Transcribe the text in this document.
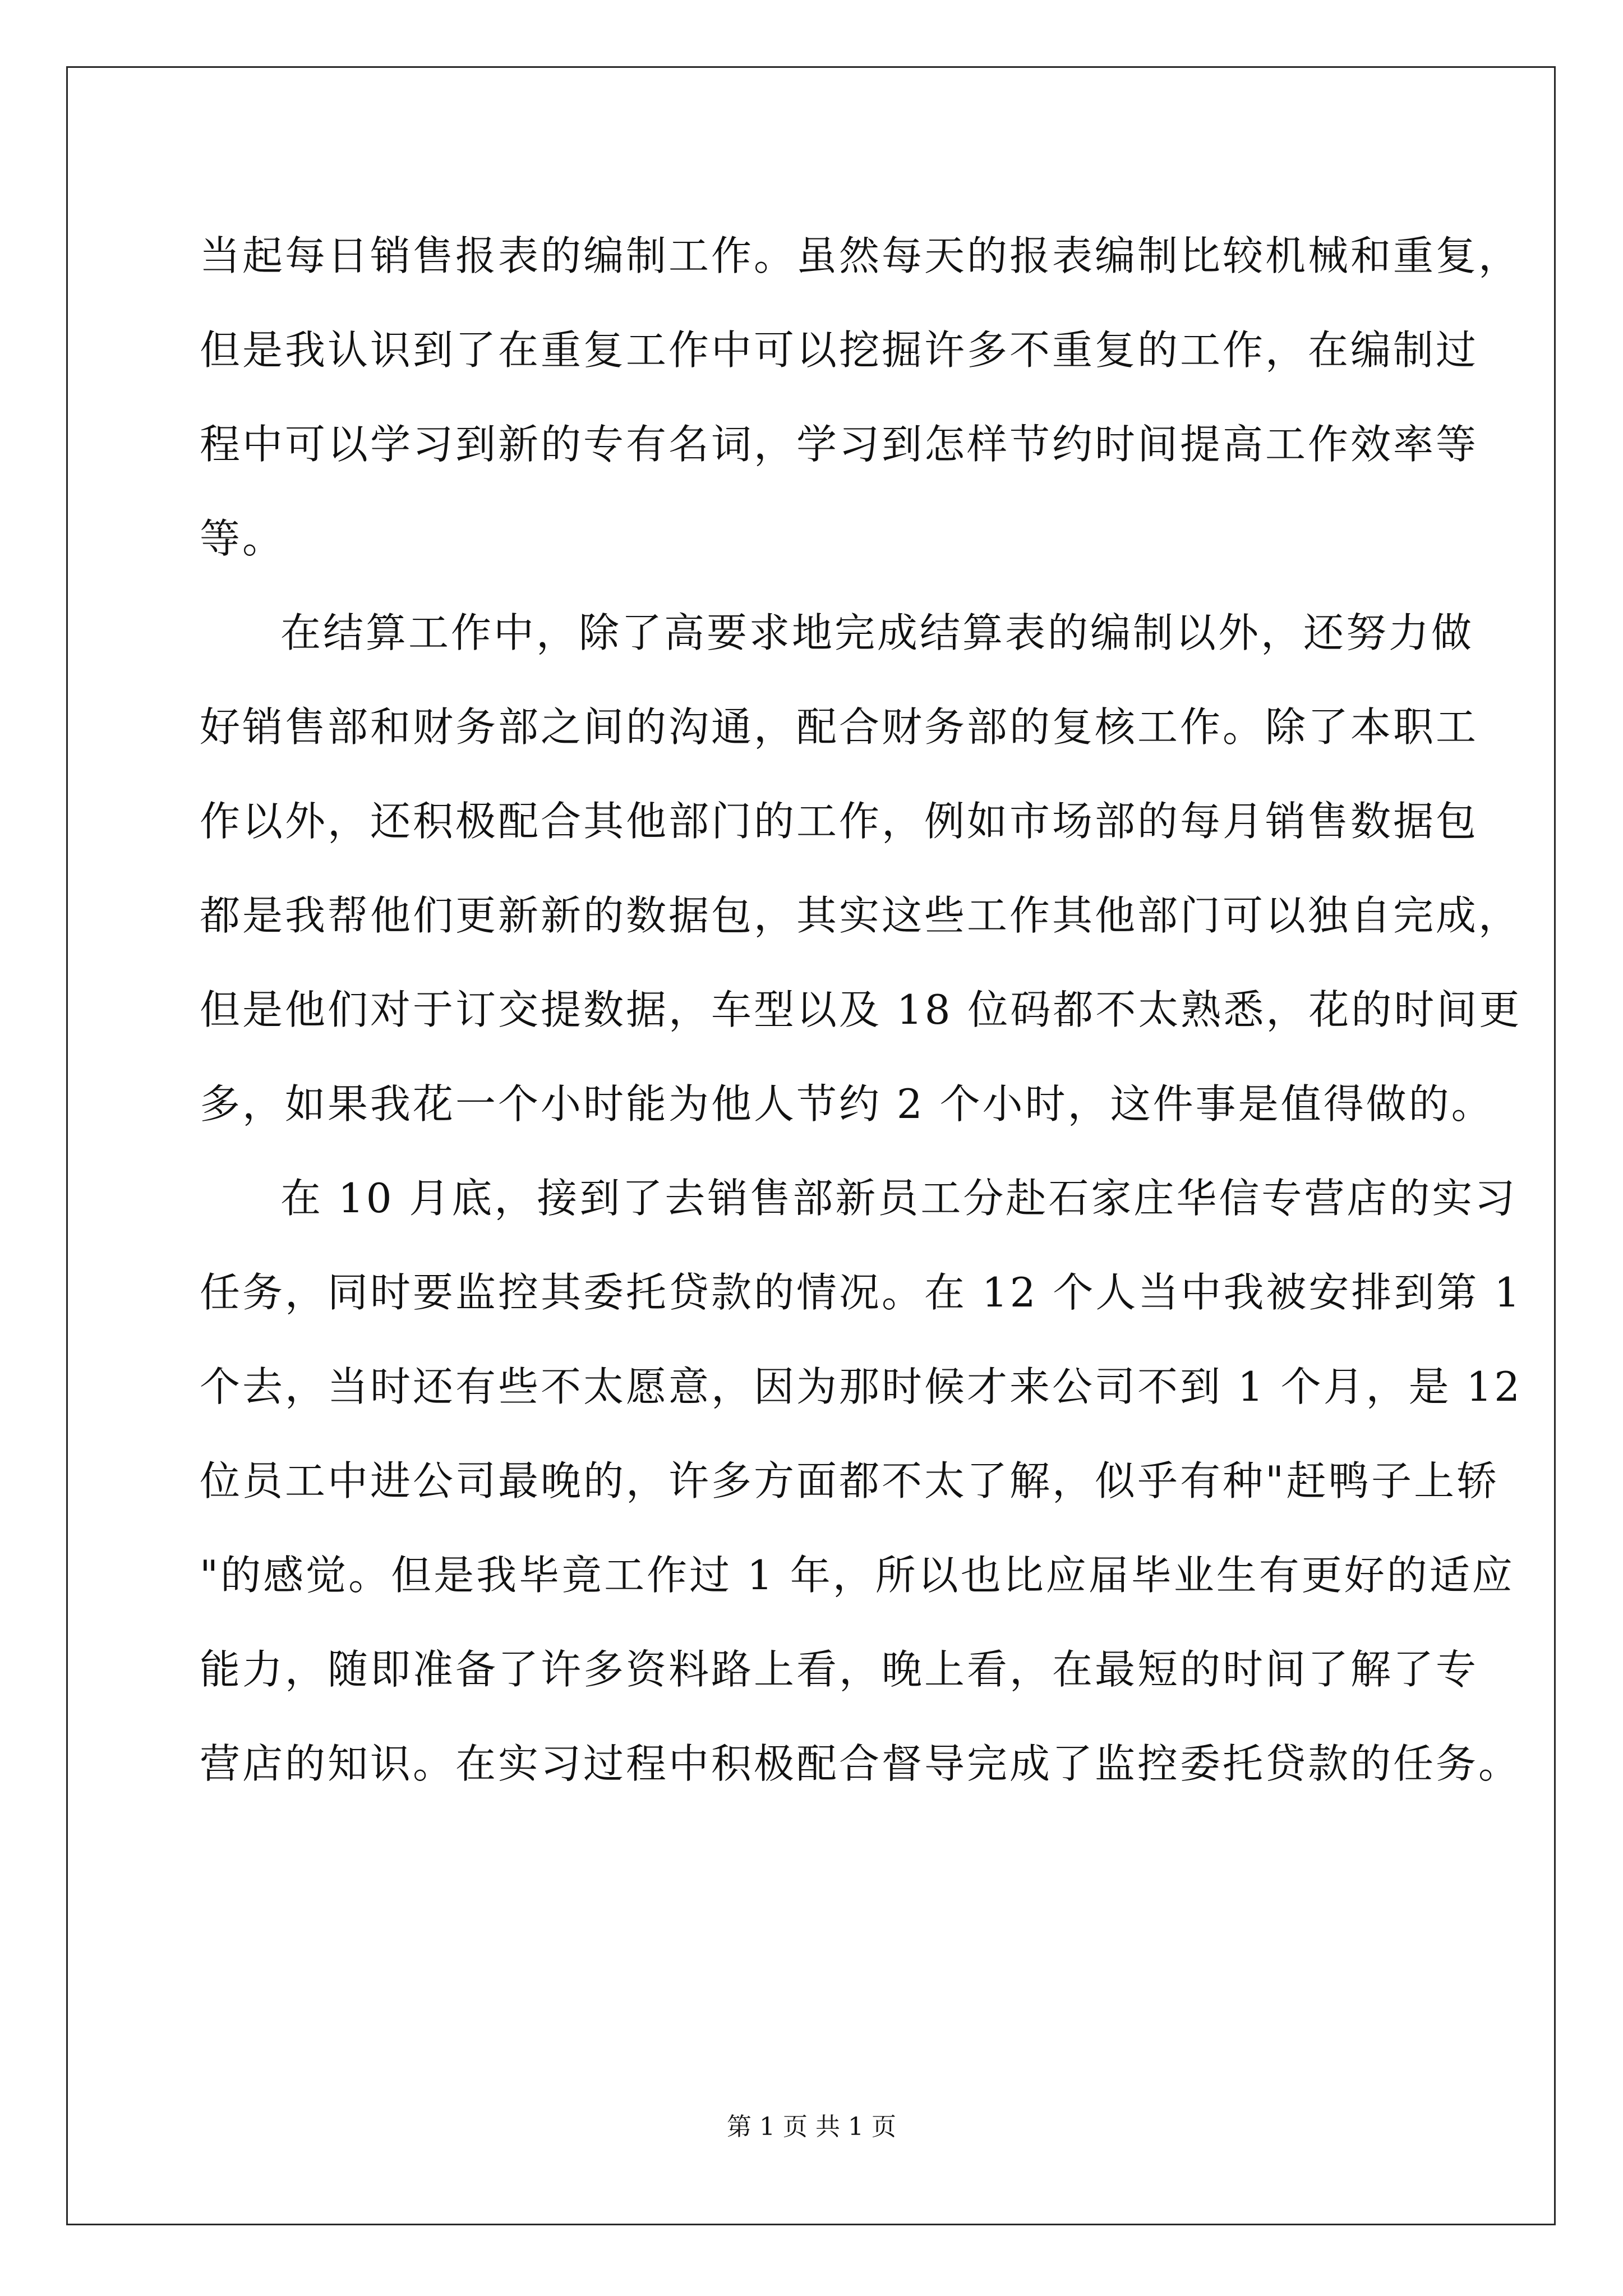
当起每日销售报表的编制工作。虽然每天的报表编制比较机械和重复，
但是我认识到了在重复工作中可以挖掘许多不重复的工作，在编制过
程中可以学习到新的专有名词，学习到怎样节约时间提高工作效率等
等。
在结算工作中，除了高要求地完成结算表的编制以外，还努力做
好销售部和财务部之间的沟通，配合财务部的复核工作。除了本职工
作以外，还积极配合其他部门的工作，例如市场部的每月销售数据包
都是我帮他们更新新的数据包，其实这些工作其他部门可以独自完成，
但是他们对于订交提数据，车型以及 18 位码都不太熟悉，花的时间更
多，如果我花一个小时能为他人节约 2 个小时，这件事是值得做的。
在 10 月底，接到了去销售部新员工分赴石家庄华信专营店的实习
任务，同时要监控其委托贷款的情况。在 12 个人当中我被安排到第 1
个去，当时还有些不太愿意，因为那时候才来公司不到 1 个月，是 12
位员工中进公司最晚的，许多方面都不太了解，似乎有种"赶鸭子上轿
"的感觉。但是我毕竟工作过 1 年，所以也比应届毕业生有更好的适应
能力，随即准备了许多资料路上看，晚上看，在最短的时间了解了专
营店的知识。在实习过程中积极配合督导完成了监控委托贷款的任务。
第 1 页 共 1 页
